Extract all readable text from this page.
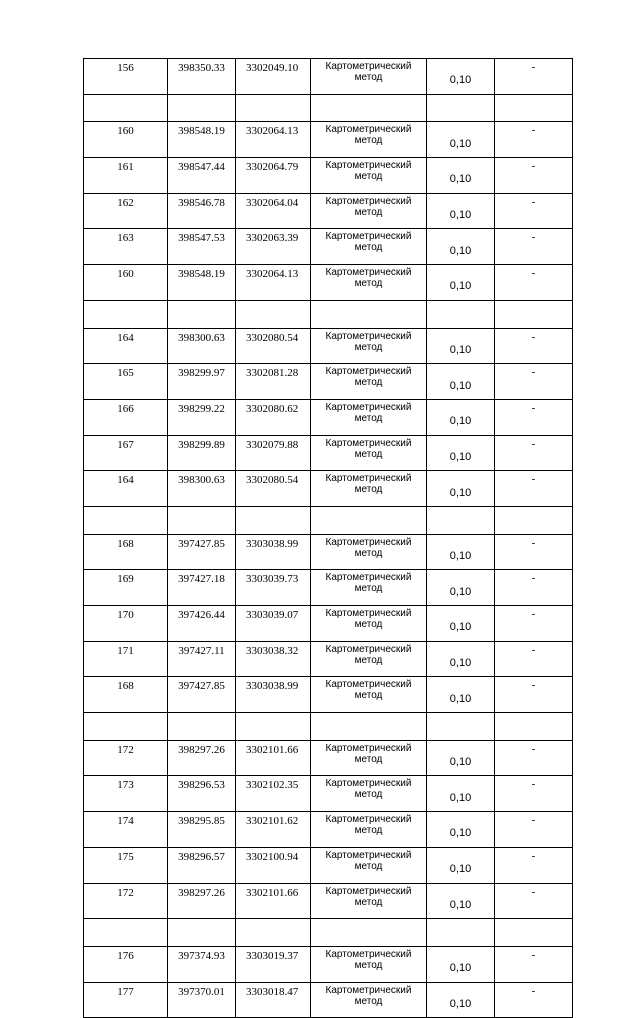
156	398350.33	3302049.10	Картометрический
метод	0,10	-

160	398548.19	3302064.13	Картометрический
метод	0,10	-
161	398547.44	3302064.79	Картометрический
метод	0,10	-
162	398546.78	3302064.04	Картометрический
метод	0,10	-
163	398547.53	3302063.39	Картометрический
метод	0,10	-
160	398548.19	3302064.13	Картометрический
метод	0,10	-

164	398300.63	3302080.54	Картометрический
метод	0,10	-
165	398299.97	3302081.28	Картометрический
метод	0,10	-
166	398299.22	3302080.62	Картометрический
метод	0,10	-
167	398299.89	3302079.88	Картометрический
метод	0,10	-
164	398300.63	3302080.54	Картометрический
метод	0,10	-

168	397427.85	3303038.99	Картометрический
метод	0,10	-
169	397427.18	3303039.73	Картометрический
метод	0,10	-
170	397426.44	3303039.07	Картометрический
метод	0,10	-
171	397427.11	3303038.32	Картометрический
метод	0,10	-
168	397427.85	3303038.99	Картометрический
метод	0,10	-

172	398297.26	3302101.66	Картометрический
метод	0,10	-
173	398296.53	3302102.35	Картометрический
метод	0,10	-
174	398295.85	3302101.62	Картометрический
метод	0,10	-
175	398296.57	3302100.94	Картометрический
метод	0,10	-
172	398297.26	3302101.66	Картометрический
метод	0,10	-

176	397374.93	3303019.37	Картометрический
метод	0,10	-
177	397370.01	3303018.47	Картометрический
метод	0,10	-
